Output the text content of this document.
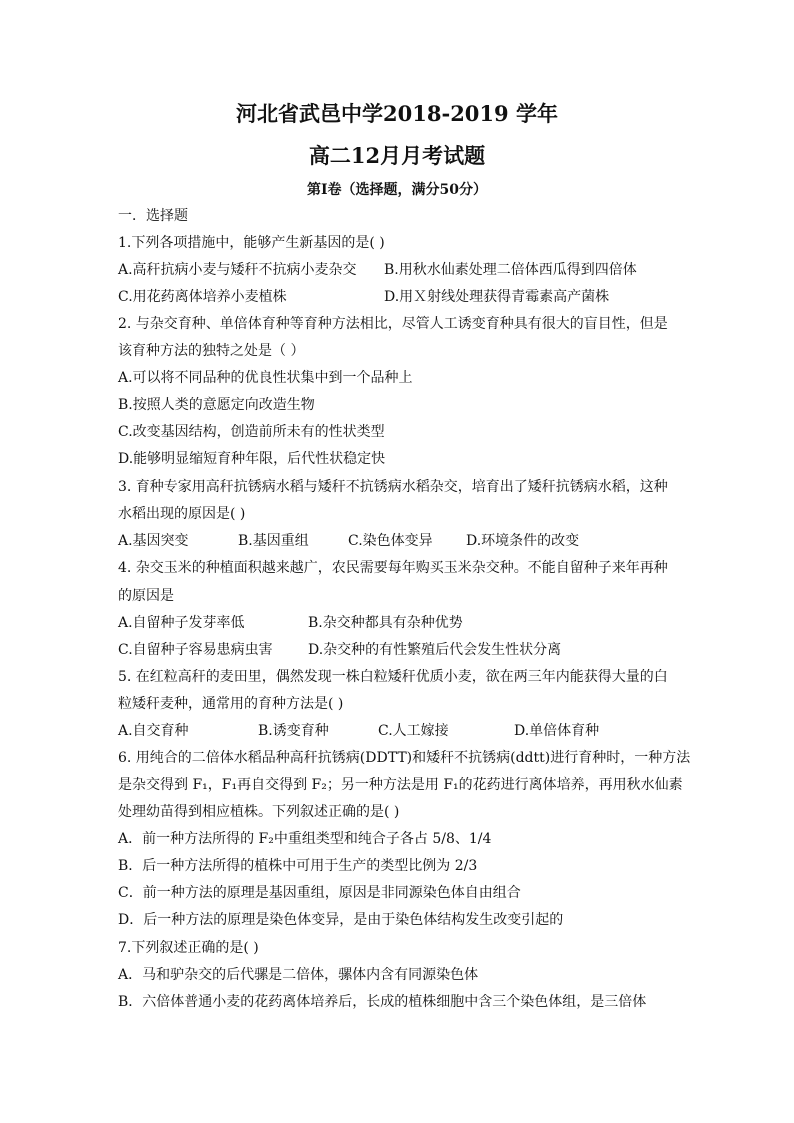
河北省武邑中学2018-2019 学年
高二12月月考试题
第Ⅰ卷（选择题，满分50分）
一．选择题
1.下列各项措施中，能够产生新基因的是( )
A.高秆抗病小麦与矮秆不抗病小麦杂交 B.用秋水仙素处理二倍体西瓜得到四倍体
C.用花药离体培养小麦植株	D.用Ｘ射线处理获得青霉素高产菌株
2. 与杂交育种、单倍体育种等育种方法相比，尽管人工诱变育种具有很大的盲目性，但是
该育种方法的独特之处是（ ）
A.可以将不同品种的优良性状集中到一个品种上
B.按照人类的意愿定向改造生物
C.改变基因结构，创造前所未有的性状类型
D.能够明显缩短育种年限，后代性状稳定快
3. 育种专家用高秆抗锈病水稻与矮秆不抗锈病水稻杂交，培育出了矮秆抗锈病水稻，这种
水稻出现的原因是( )
A.基因突变	B.基因重组	C.染色体变异 D.环境条件的改变
4. 杂交玉米的种植面积越来越广，农民需要每年购买玉米杂交种。不能自留种子来年再种
的原因是
A.自留种子发芽率低	B.杂交种都具有杂种优势
C.自留种子容易患病虫害	D.杂交种的有性繁殖后代会发生性状分离
5. 在红粒高秆的麦田里，偶然发现一株白粒矮秆优质小麦，欲在两三年内能获得大量的白
粒矮秆麦种，通常用的育种方法是( )
A.自交育种	B.诱变育种	C.人工嫁接	D.单倍体育种
6. 用纯合的二倍体水稻品种高秆抗锈病(DDTT)和矮秆不抗锈病(ddtt)进行育种时，一种方法
是杂交得到 F₁，F₁再自交得到 F₂；另一种方法是用 F₁的花药进行离体培养，再用秋水仙素
处理幼苗得到相应植株。下列叙述正确的是( )
A．前一种方法所得的 F₂中重组类型和纯合子各占 5/8、1/4
B．后一种方法所得的植株中可用于生产的类型比例为 2/3
C．前一种方法的原理是基因重组，原因是非同源染色体自由组合
D．后一种方法的原理是染色体变异，是由于染色体结构发生改变引起的
7.下列叙述正确的是( )
A．马和驴杂交的后代骡是二倍体，骡体内含有同源染色体
B．六倍体普通小麦的花药离体培养后，长成的植株细胞中含三个染色体组，是三倍体
